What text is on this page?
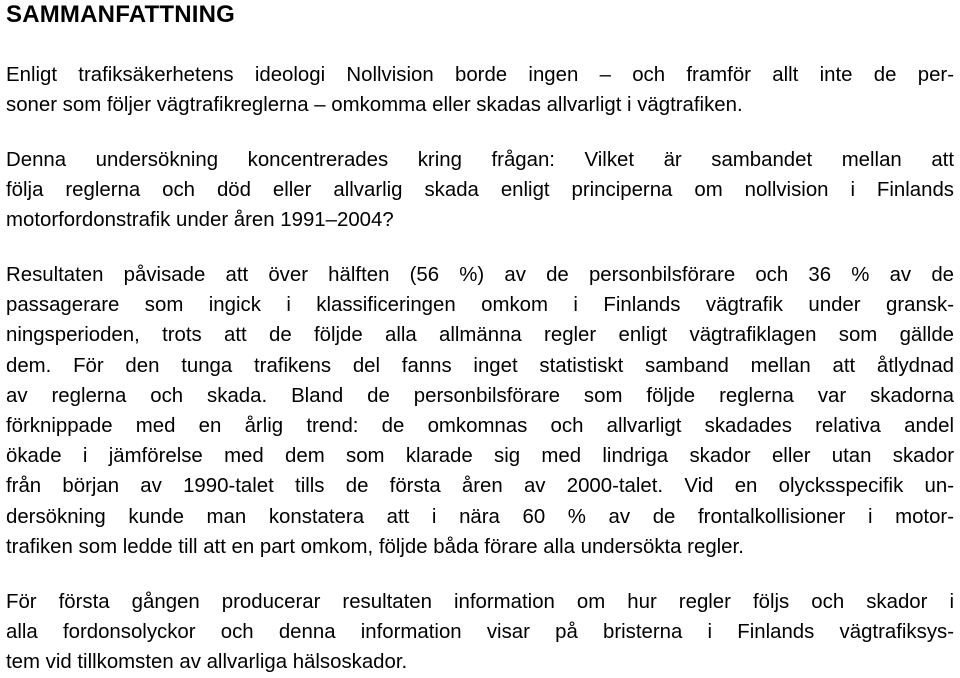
SAMMANFATTNING
Enligt trafiksäkerhetens ideologi Nollvision borde ingen – och framför allt inte de per-
soner som följer vägtrafikreglerna – omkomma eller skadas allvarligt i vägtrafiken.
Denna undersökning koncentrerades kring frågan: Vilket är sambandet mellan att
följa reglerna och död eller allvarlig skada enligt principerna om nollvision i Finlands
motorfordonstrafik under åren 1991–2004?
Resultaten påvisade att över hälften (56 %) av de personbilsförare och 36 % av de
passagerare som ingick i klassificeringen omkom i Finlands vägtrafik under gransk-
ningsperioden, trots att de följde alla allmänna regler enligt vägtrafiklagen som gällde
dem. För den tunga trafikens del fanns inget statistiskt samband mellan att åtlydnad
av reglerna och skada. Bland de personbilsförare som följde reglerna var skadorna
förknippade med en årlig trend: de omkomnas och allvarligt skadades relativa andel
ökade i jämförelse med dem som klarade sig med lindriga skador eller utan skador
från början av 1990-talet tills de första åren av 2000-talet. Vid en olycksspecifik un-
dersökning kunde man konstatera att i nära 60 % av de frontalkollisioner i motor-
trafiken som ledde till att en part omkom, följde båda förare alla undersökta regler.
För första gången producerar resultaten information om hur regler följs och skador i
alla fordonsolyckor och denna information visar på bristerna i Finlands vägtrafiksys-
tem vid tillkomsten av allvarliga hälsoskador.
